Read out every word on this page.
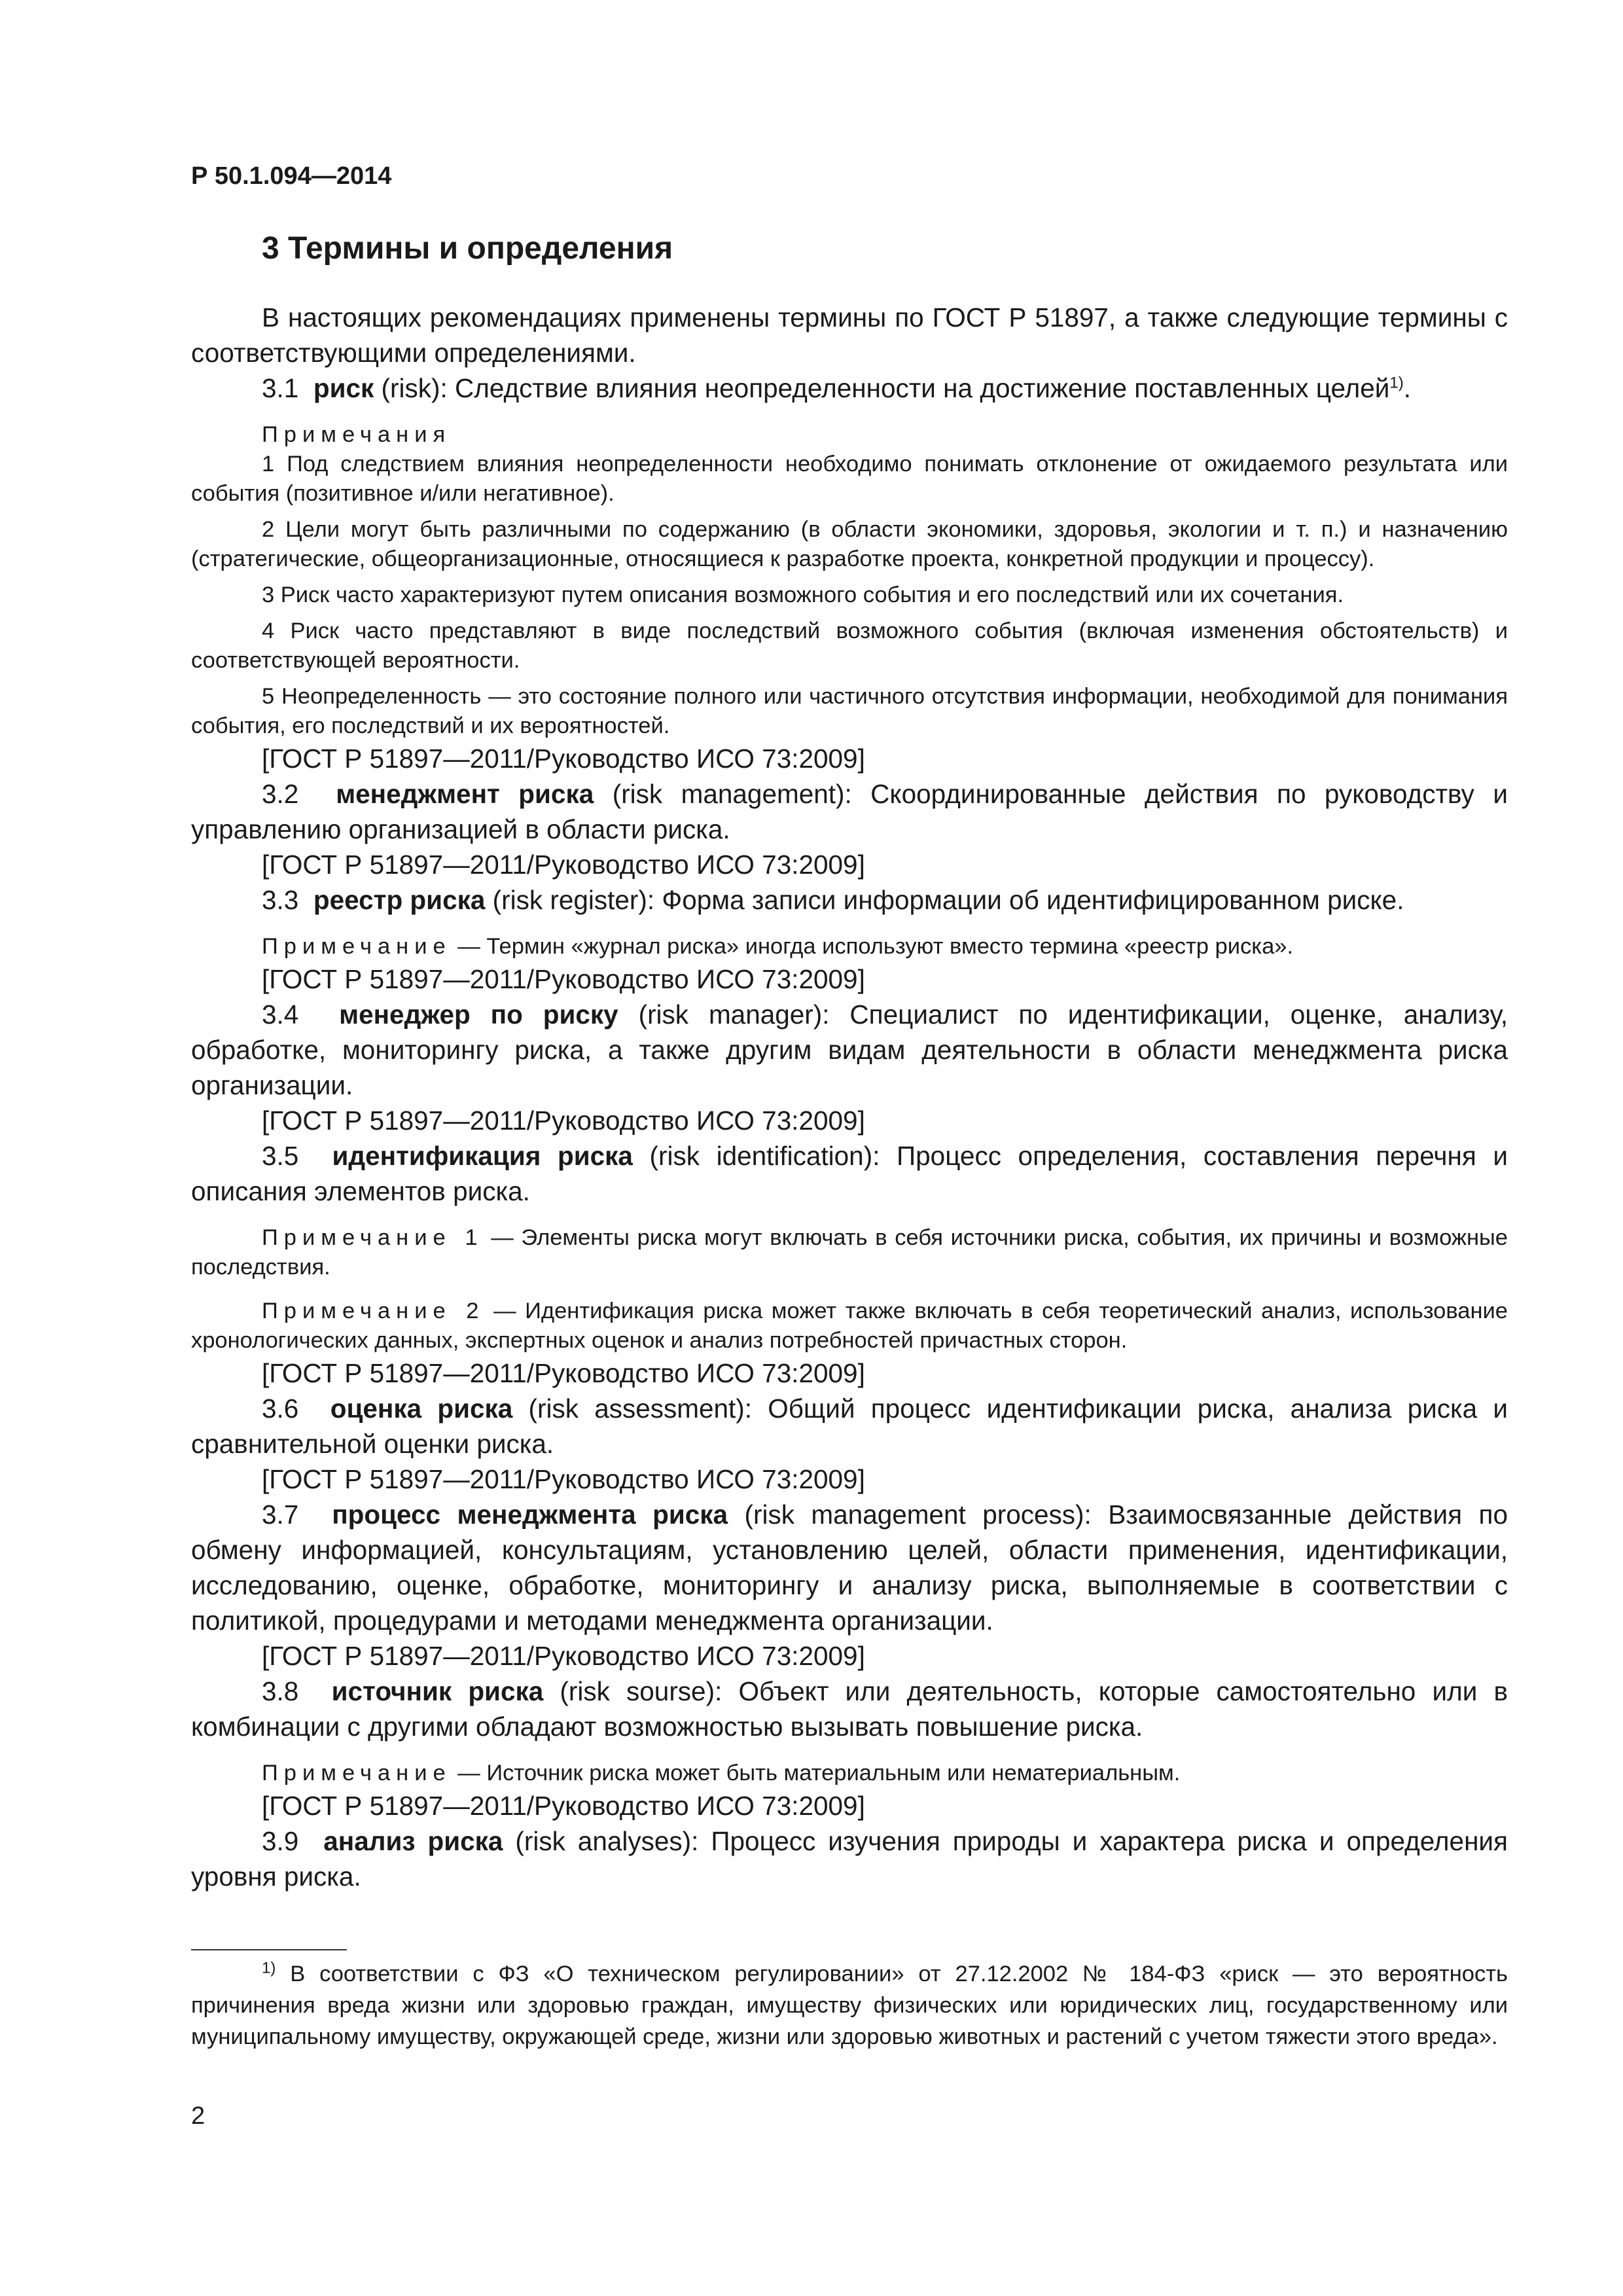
Р 50.1.094—2014
3 Термины и определения

В настоящих рекомендациях применены термины по ГОСТ Р 51897, а также следующие термины с соответствующими определениями.

3.1 риск (risk): Следствие влияния неопределенности на достижение поставленных целей$^{1)}$.

Примечания

1 Под следствием влияния неопределенности необходимо понимать отклонение от ожидаемого результата или события (позитивное и/или негативное).

2 Цели могут быть различными по содержанию (в области экономики, здоровья, экологии и т. п.) и назначению (стратегические, общеорганизационные, относящиеся к разработке проекта, конкретной продукции и процессу).

3 Риск часто характеризуют путем описания возможного события и его последствий или их сочетания.

4 Риск часто представляют в виде последствий возможного события (включая изменения обстоятельств) и соответствующей вероятности.

5 Неопределенность — это состояние полного или частичного отсутствия информации, необходимой для понимания события, его последствий и их вероятностей.

[ГОСТ Р 51897—2011/Руководство ИСО 73:2009]

3.2 менеджмент риска (risk management): Скоординированные действия по руководству и управлению организацией в области риска.

[ГОСТ Р 51897—2011/Руководство ИСО 73:2009]

3.3 реестр риска (risk register): Форма записи информации об идентифицированном риске.

Примечание — Термин «журнал риска» иногда используют вместо термина «реестр риска».

[ГОСТ Р 51897—2011/Руководство ИСО 73:2009]

3.4 менеджер по риску (risk manager): Специалист по идентификации, оценке, анализу, обработке, мониторингу риска, а также другим видам деятельности в области менеджмента риска организации.

[ГОСТ Р 51897—2011/Руководство ИСО 73:2009]

3.5 идентификация риска (risk identification): Процесс определения, составления перечня и описания элементов риска.

Примечание 1 — Элементы риска могут включать в себя источники риска, события, их причины и возможные последствия.

Примечание 2 — Идентификация риска может также включать в себя теоретический анализ, использование хронологических данных, экспертных оценок и анализ потребностей причастных сторон.

[ГОСТ Р 51897—2011/Руководство ИСО 73:2009]

3.6 оценка риска (risk assessment): Общий процесс идентификации риска, анализа риска и сравнительной оценки риска.

[ГОСТ Р 51897—2011/Руководство ИСО 73:2009]

3.7 процесс менеджмента риска (risk management process): Взаимосвязанные действия по обмену информацией, консультациям, установлению целей, области применения, идентификации, исследованию, оценке, обработке, мониторингу и анализу риска, выполняемые в соответствии с политикой, процедурами и методами менеджмента организации.

[ГОСТ Р 51897—2011/Руководство ИСО 73:2009]

3.8 источник риска (risk sourse): Объект или деятельность, которые самостоятельно или в комбинации с другими обладают возможностью вызывать повышение риска.

Примечание — Источник риска может быть материальным или нематериальным.

[ГОСТ Р 51897—2011/Руководство ИСО 73:2009]

3.9 анализ риска (risk analyses): Процесс изучения природы и характера риска и определения уровня риска.

$^{1)}$ В соответствии с ФЗ «О техническом регулировании» от 27.12.2002 № 184-ФЗ «риск — это вероятность причинения вреда жизни или здоровью граждан, имуществу физических или юридических лиц, государственному или муниципальному имуществу, окружающей среде, жизни или здоровью животных и растений с учетом тяжести этого вреда».

2
